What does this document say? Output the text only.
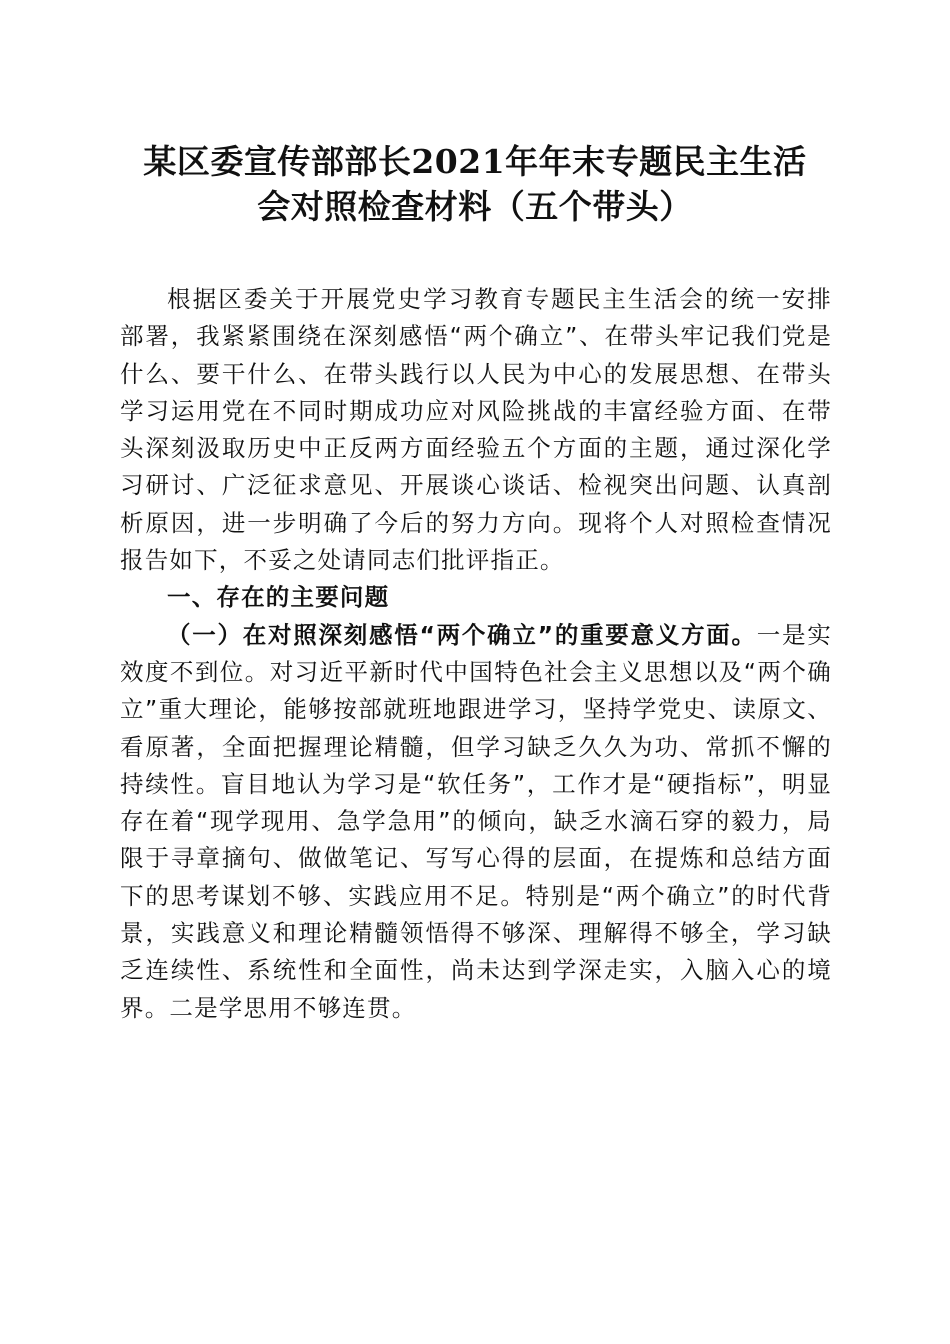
某区委宣传部部长2021年年末专题民主生活
会对照检查材料（五个带头）

根据区委关于开展党史学习教育专题民主生活会的统一安排部署，我紧紧围绕在深刻感悟“两个确立”、在带头牢记我们党是什么、要干什么、在带头践行以人民为中心的发展思想、在带头学习运用党在不同时期成功应对风险挑战的丰富经验方面、在带头深刻汲取历史中正反两方面经验五个方面的主题，通过深化学习研讨、广泛征求意见、开展谈心谈话、检视突出问题、认真剖析原因，进一步明确了今后的努力方向。现将个人对照检查情况报告如下，不妥之处请同志们批评指正。

一、存在的主要问题

（一）在对照深刻感悟“两个确立”的重要意义方面。一是实效度不到位。对习近平新时代中国特色社会主义思想以及“两个确立”重大理论，能够按部就班地跟进学习，坚持学党史、读原文、看原著，全面把握理论精髓，但学习缺乏久久为功、常抓不懈的持续性。盲目地认为学习是“软任务”，工作才是“硬指标”，明显存在着“现学现用、急学急用”的倾向，缺乏水滴石穿的毅力，局限于寻章摘句、做做笔记、写写心得的层面，在提炼和总结方面下的思考谋划不够、实践应用不足。特别是“两个确立”的时代背景，实践意义和理论精髓领悟得不够深、理解得不够全，学习缺乏连续性、系统性和全面性，尚未达到学深走实，入脑入心的境界。二是学思用不够连贯。
